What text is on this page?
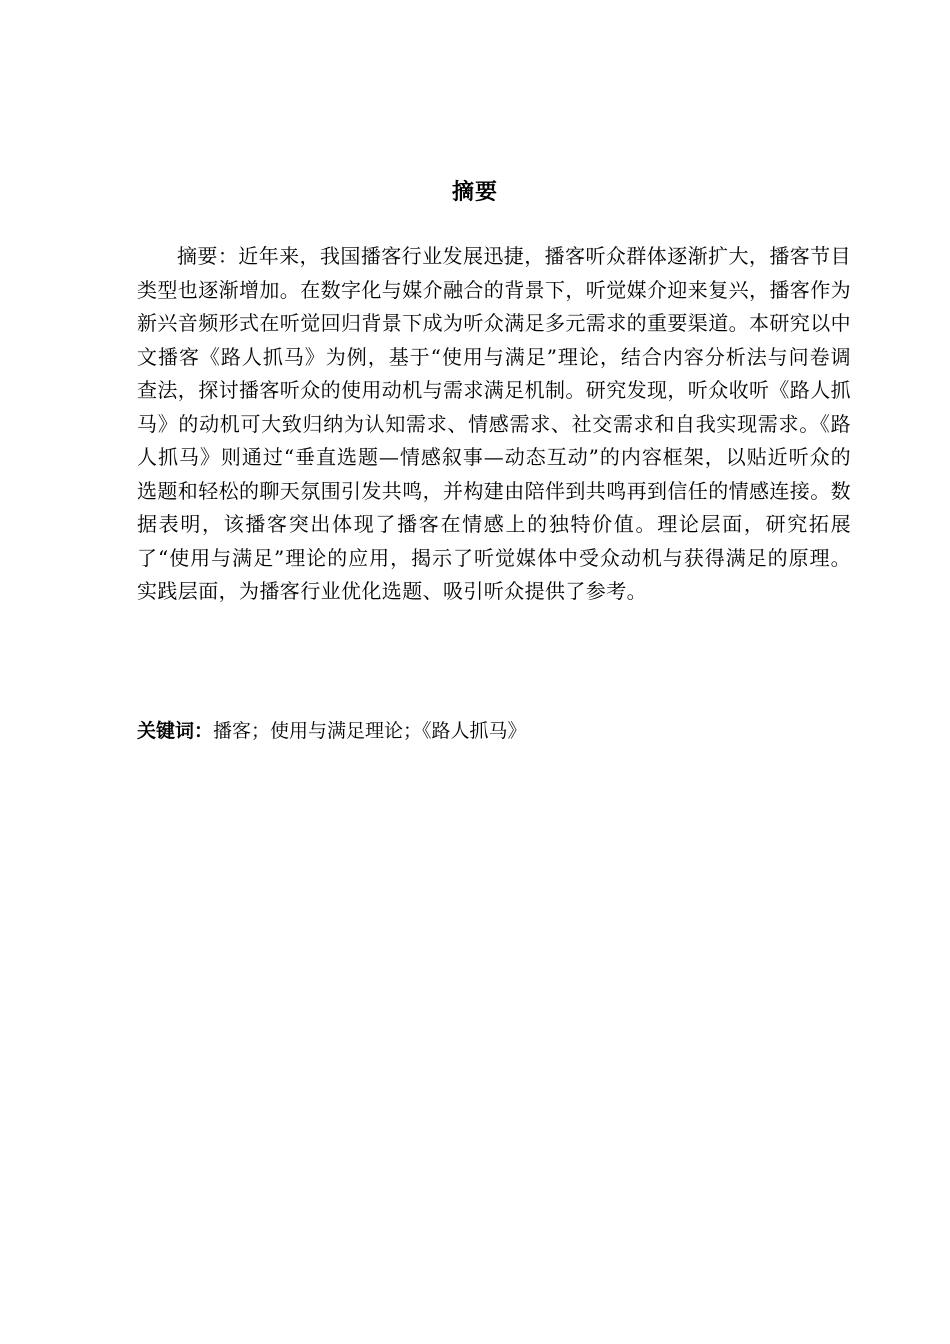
摘要

摘要：近年来，我国播客行业发展迅捷，播客听众群体逐渐扩大，播客节目类型也逐渐增加。在数字化与媒介融合的背景下，听觉媒介迎来复兴，播客作为新兴音频形式在听觉回归背景下成为听众满足多元需求的重要渠道。本研究以中文播客《路人抓马》为例，基于“使用与满足”理论，结合内容分析法与问卷调查法，探讨播客听众的使用动机与需求满足机制。研究发现，听众收听《路人抓马》的动机可大致归纳为认知需求、情感需求、社交需求和自我实现需求。《路人抓马》则通过“垂直选题—情感叙事—动态互动”的内容框架，以贴近听众的选题和轻松的聊天氛围引发共鸣，并构建由陪伴到共鸣再到信任的情感连接。数据表明，该播客突出体现了播客在情感上的独特价值。理论层面，研究拓展了“使用与满足”理论的应用，揭示了听觉媒体中受众动机与获得满足的原理。实践层面，为播客行业优化选题、吸引听众提供了参考。

关键词：播客；使用与满足理论；《路人抓马》
